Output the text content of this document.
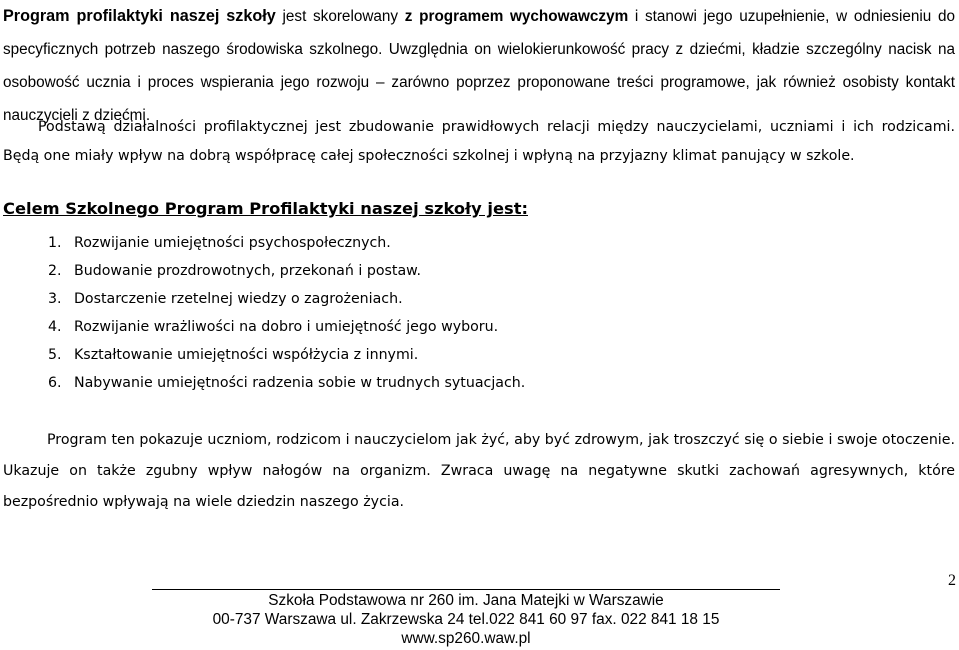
Program profilaktyki naszej szkoły jest skorelowany z programem wychowawczym i stanowi jego uzupełnienie, w odniesieniu do specyficznych potrzeb naszego środowiska szkolnego. Uwzględnia on wielokierunkowość pracy z dziećmi, kładzie szczególny nacisk na osobowość ucznia i proces wspierania jego rozwoju – zarówno poprzez proponowane treści programowe, jak również osobisty kontakt nauczycieli z dziećmi.

Podstawą działalności profilaktycznej jest zbudowanie prawidłowych relacji między nauczycielami, uczniami i ich rodzicami. Będą one miały wpływ na dobrą współpracę całej społeczności szkolnej i wpłyną na przyjazny klimat panujący w szkole.

Celem Szkolnego Program Profilaktyki naszej szkoły jest:
1. Rozwijanie umiejętności psychospołecznych.
2. Budowanie prozdrowotnych, przekonań i postaw.
3. Dostarczenie rzetelnej wiedzy o zagrożeniach.
4. Rozwijanie wrażliwości na dobro i umiejętność jego wyboru.
5. Kształtowanie umiejętności współżycia z innymi.
6. Nabywanie umiejętności radzenia sobie w trudnych sytuacjach.

Program ten pokazuje uczniom, rodzicom i nauczycielom jak żyć, aby być zdrowym, jak troszczyć się o siebie i swoje otoczenie. Ukazuje on także zgubny wpływ nałogów na organizm. Zwraca uwagę na negatywne skutki zachowań agresywnych, które bezpośrednio wpływają na wiele dziedzin naszego życia.

2
Szkoła Podstawowa nr 260 im. Jana Matejki w Warszawie
00-737 Warszawa ul. Zakrzewska 24 tel.022 841 60 97 fax. 022 841 18 15
www.sp260.waw.pl
